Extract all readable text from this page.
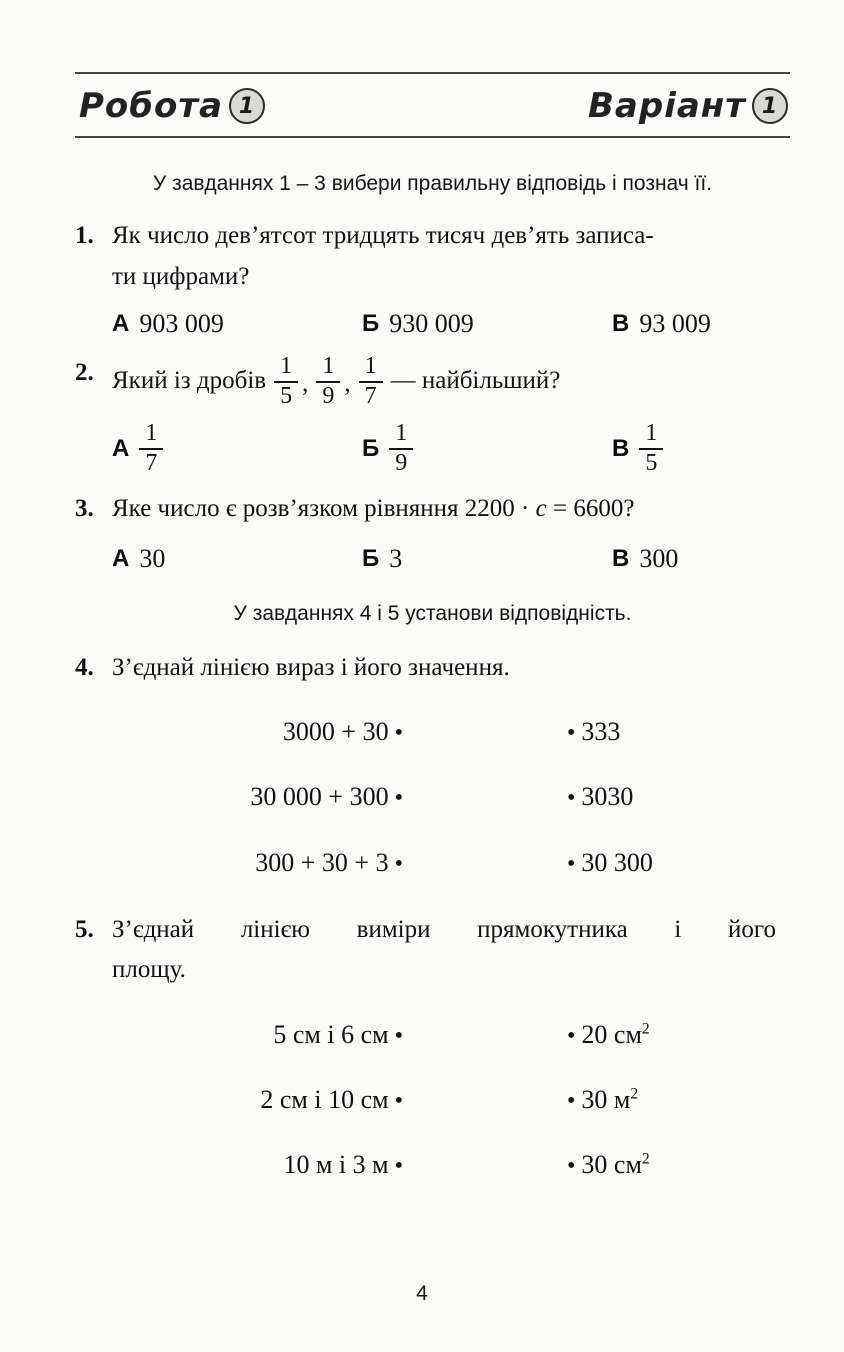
Робота 1	Варіант 1
У завданнях 1 – 3 вибери правильну відповідь і познач її.
1. Як число дев’ятсот тридцять тисяч дев’ять записа-
ти цифрами?
А 903 009	Б 930 009	В 93 009
2. Який із дробів $\frac{1}{5}$ , $\frac{1}{9}$ , $\frac{1}{7}$ — найбільший?
А $\frac{1}{7}$	Б $\frac{1}{9}$	В $\frac{1}{5}$
3. Яке число є розв’язком рівняння 2200 · c = 6600?
А 30	Б 3	В 300
У завданнях 4 і 5 установи відповідність.
4. З’єднай лінією вираз і його значення.
3000 + 30 •	• 333
30 000 + 300 •	• 3030
300 + 30 + 3 •	• 30 300
5. З’єднай лінією виміри прямокутника і його
площу.
5 см і 6 см •	• 20 $см^2$
2 см і 10 см •	• 30 $м^2$
10 м і 3 м •	• 30 $см^2$
4
